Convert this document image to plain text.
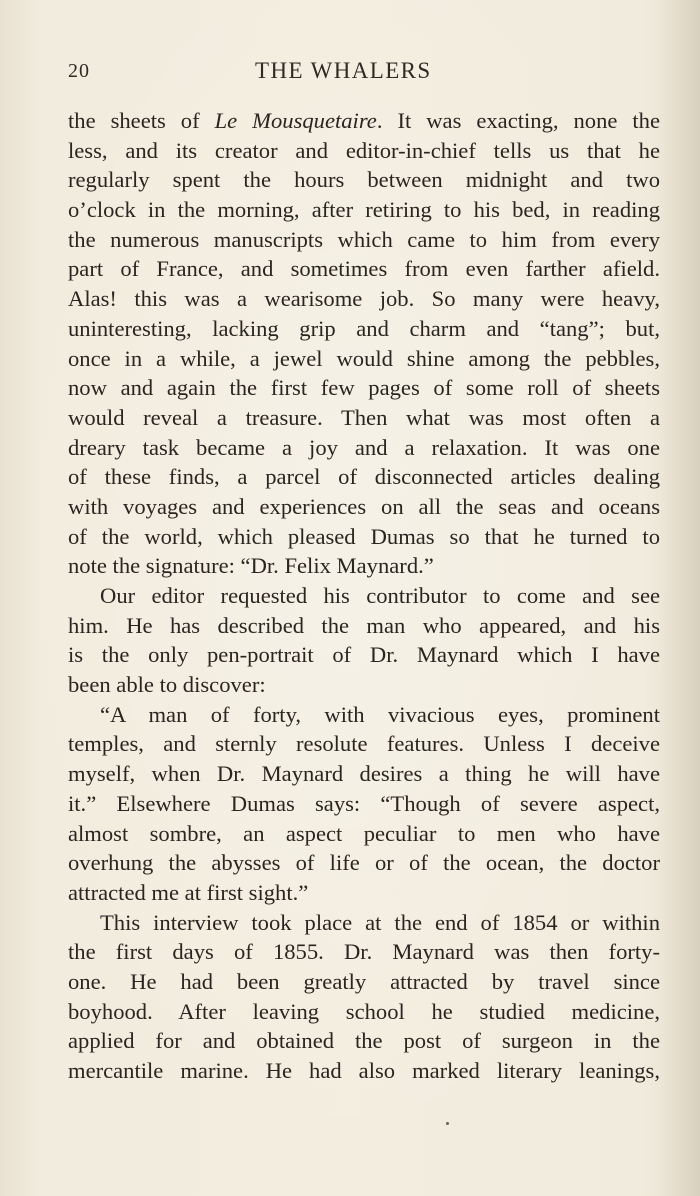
20	THE WHALERS
the sheets of Le Mousquetaire. It was exacting, none the
less, and its creator and editor-in-chief tells us that he
regularly spent the hours between midnight and two
o’clock in the morning, after retiring to his bed, in reading
the numerous manuscripts which came to him from every
part of France, and sometimes from even farther afield.
Alas! this was a wearisome job. So many were heavy,
uninteresting, lacking grip and charm and “tang”; but,
once in a while, a jewel would shine among the pebbles,
now and again the first few pages of some roll of sheets
would reveal a treasure. Then what was most often a
dreary task became a joy and a relaxation. It was one
of these finds, a parcel of disconnected articles dealing
with voyages and experiences on all the seas and oceans
of the world, which pleased Dumas so that he turned to
note the signature: “Dr. Felix Maynard.”
Our editor requested his contributor to come and see
him. He has described the man who appeared, and his
is the only pen-portrait of Dr. Maynard which I have
been able to discover:
“A man of forty, with vivacious eyes, prominent
temples, and sternly resolute features. Unless I deceive
myself, when Dr. Maynard desires a thing he will have
it.” Elsewhere Dumas says: “Though of severe aspect,
almost sombre, an aspect peculiar to men who have
overhung the abysses of life or of the ocean, the doctor
attracted me at first sight.”
This interview took place at the end of 1854 or within
the first days of 1855. Dr. Maynard was then forty-
one. He had been greatly attracted by travel since
boyhood. After leaving school he studied medicine,
applied for and obtained the post of surgeon in the
mercantile marine. He had also marked literary leanings,
